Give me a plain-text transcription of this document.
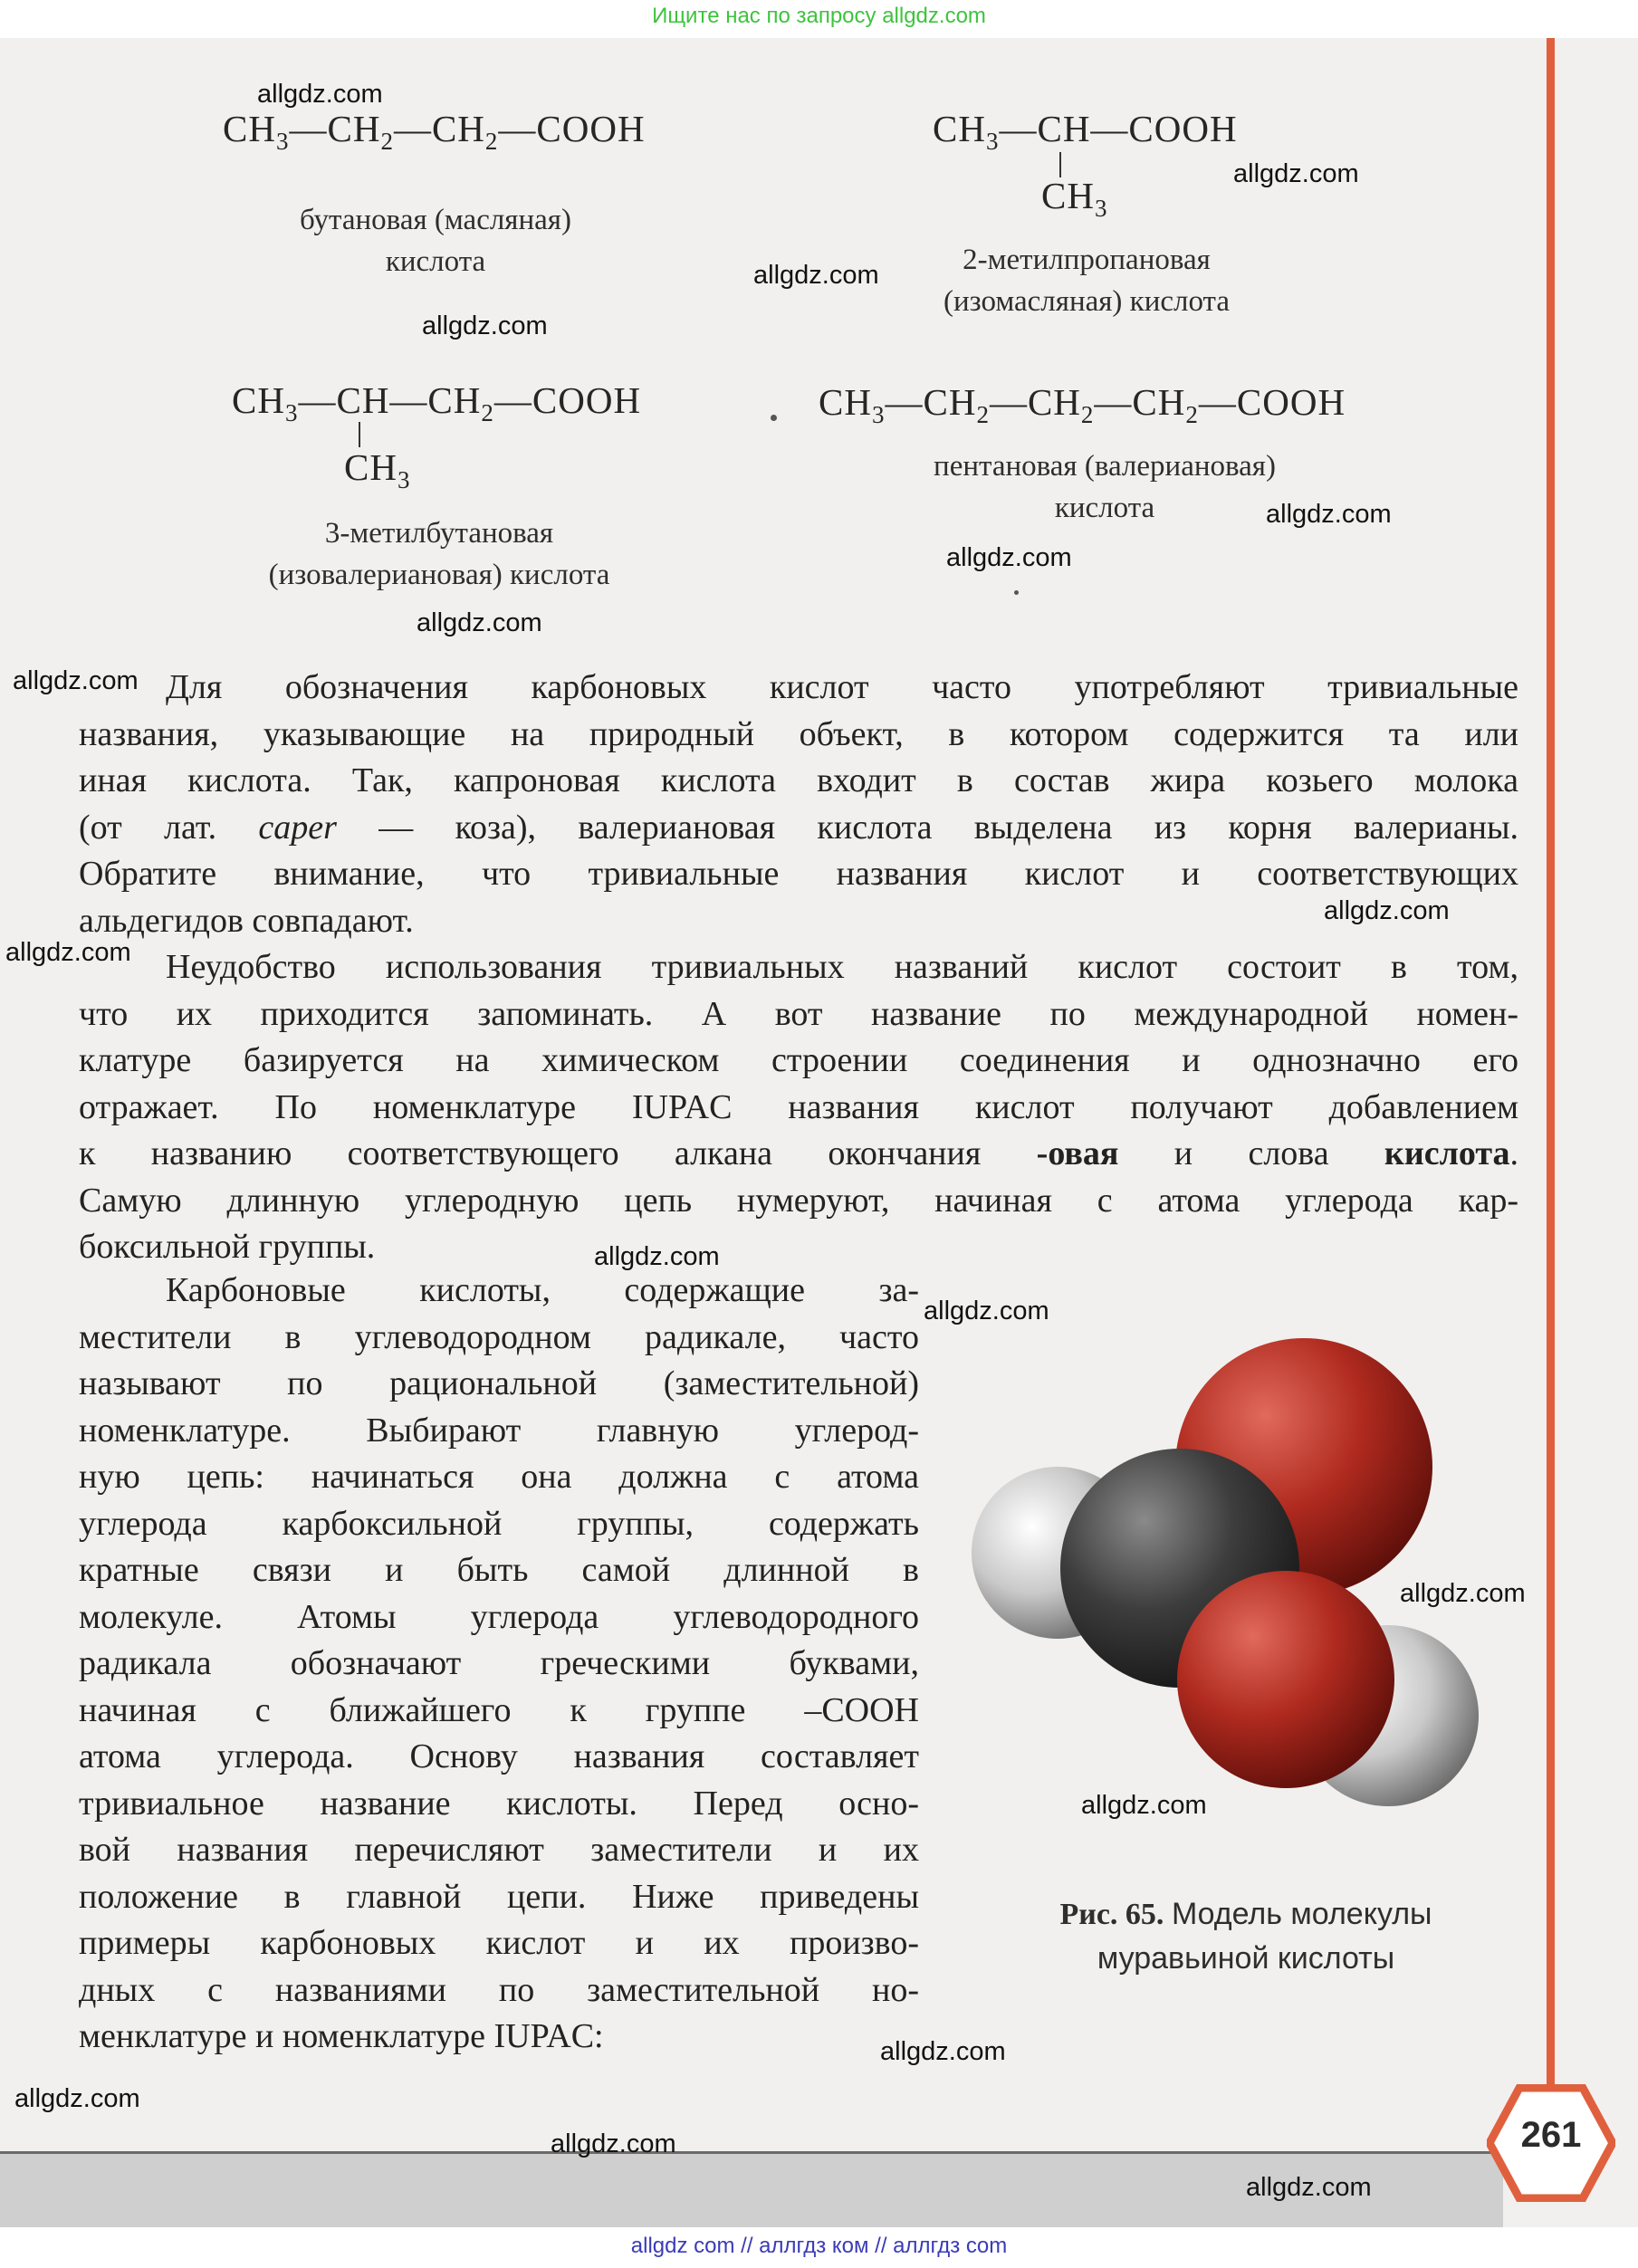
Ищите нас по запросу allgdz.com
$CH_3—CH_2—CH_2—COOH$
бутановая (масляная)
кислота
$CH_3—CH—COOH$
$CH_3$
2-метилпропановая
(изомасляная) кислота
$CH_3—CH—CH_2—COOH$
$CH_3$
3-метилбутановая
(изовалериановая) кислота
$CH_3—CH_2—CH_2—CH_2—COOH$
пентановая (валериановая)
кислота
Для обозначения карбоновых кислот часто употребляют тривиальные
названия, указывающие на природный объект, в котором содержится та или
иная кислота. Так, капроновая кислота входит в состав жира козьего молока
(от лат. caper — коза), валериановая кислота выделена из корня валерианы.
Обратите внимание, что тривиальные названия кислот и соответствующих
альдегидов совпадают.
Неудобство использования тривиальных названий кислот состоит в том,
что их приходится запоминать. А вот название по международной номен-
клатуре базируется на химическом строении соединения и однозначно его
отражает. По номенклатуре IUPAC названия кислот получают добавлением
к названию соответствующего алкана окончания -овая и слова кислота.
Самую длинную углеродную цепь нумеруют, начиная с атома углерода кар-
боксильной группы.
Карбоновые кислоты, содержащие за-
местители в углеводородном радикале, часто
называют по рациональной (заместительной)
номенклатуре. Выбирают главную углерод-
ную цепь: начинаться она должна с атома
углерода карбоксильной группы, содержать
кратные связи и быть самой длинной в
молекуле. Атомы углерода углеводородного
радикала обозначают греческими буквами,
начиная с ближайшего к группе –COOH
атома углерода. Основу названия составляет
тривиальное название кислоты. Перед осно-
вой названия перечисляют заместители и их
положение в главной цепи. Ниже приведены
примеры карбоновых кислот и их произво-
дных с названиями по заместительной но-
менклатуре и номенклатуре IUPAC:
Рис. 65. Модель молекулы
муравьиной кислоты
261
allgdz com // аллгдз ком // аллгдз com
allgdz.com
allgdz.com
allgdz.com
allgdz.com
allgdz.com
allgdz.com
allgdz.com
allgdz.com
allgdz.com
allgdz.com
allgdz.com
allgdz.com
allgdz.com
allgdz.com
allgdz.com
allgdz.com
allgdz.com
allgdz.com
